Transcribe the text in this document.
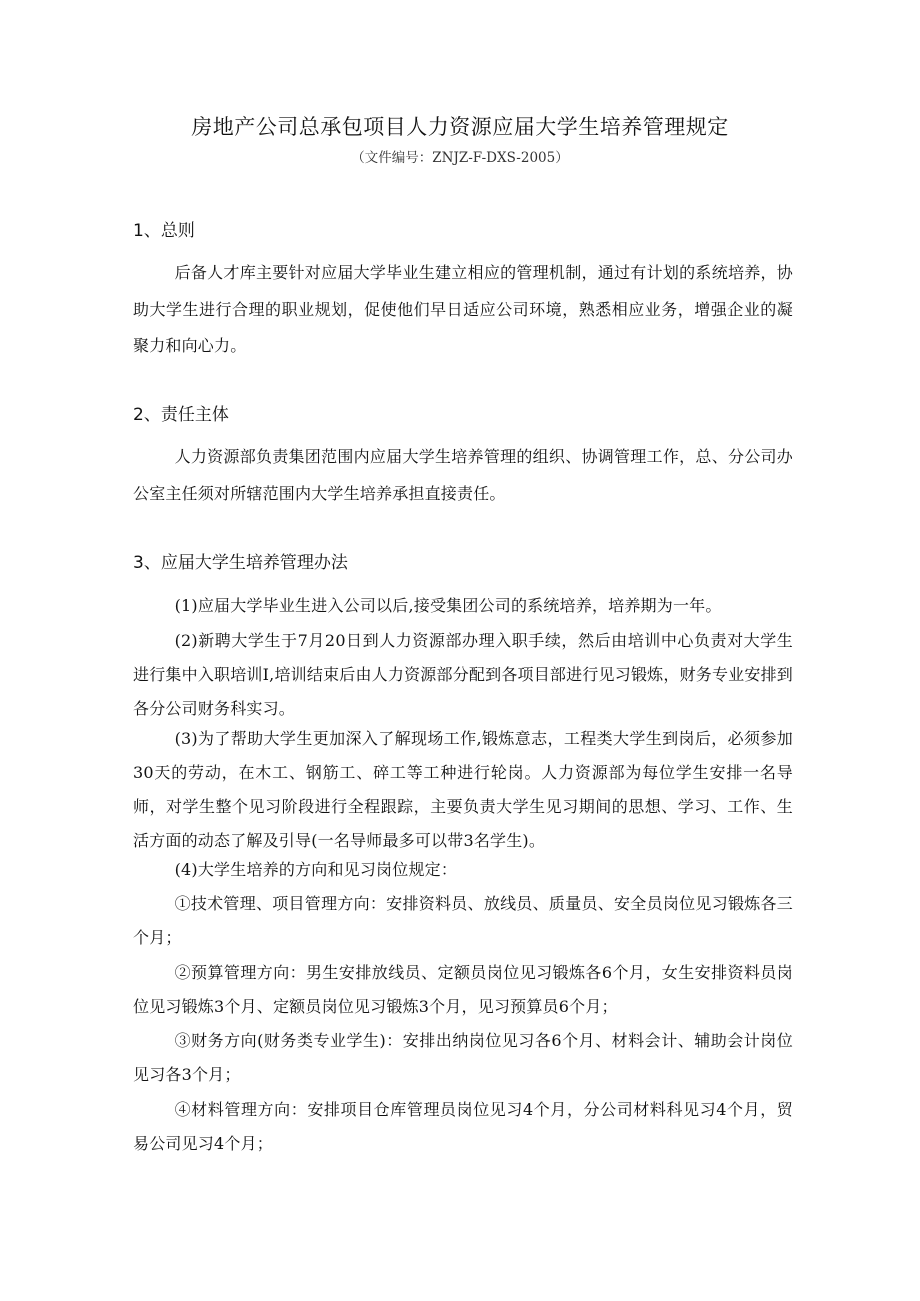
房地产公司总承包项目人力资源应届大学生培养管理规定
（文件编号：ZNJZ-F-DXS-2005）
1、总则
后备人才库主要针对应届大学毕业生建立相应的管理机制，通过有计划的系统培养，协助大学生进行合理的职业规划，促使他们早日适应公司环境，熟悉相应业务，增强企业的凝聚力和向心力。
2、责任主体
人力资源部负责集团范围内应届大学生培养管理的组织、协调管理工作，总、分公司办公室主任须对所辖范围内大学生培养承担直接责任。
3、应届大学生培养管理办法
(1)应届大学毕业生进入公司以后,接受集团公司的系统培养，培养期为一年。
(2)新聘大学生于7月20日到人力资源部办理入职手续，然后由培训中心负责对大学生进行集中入职培训I,培训结束后由人力资源部分配到各项目部进行见习锻炼，财务专业安排到各分公司财务科实习。
(3)为了帮助大学生更加深入了解现场工作,锻炼意志，工程类大学生到岗后，必须参加30天的劳动，在木工、钢筋工、碎工等工种进行轮岗。人力资源部为每位学生安排一名导师，对学生整个见习阶段进行全程跟踪，主要负责大学生见习期间的思想、学习、工作、生活方面的动态了解及引导(一名导师最多可以带3名学生)。
(4)大学生培养的方向和见习岗位规定：
①技术管理、项目管理方向：安排资料员、放线员、质量员、安全员岗位见习锻炼各三个月；
②预算管理方向：男生安排放线员、定额员岗位见习锻炼各6个月，女生安排资料员岗位见习锻炼3个月、定额员岗位见习锻炼3个月，见习预算员6个月；
③财务方向(财务类专业学生)：安排出纳岗位见习各6个月、材料会计、辅助会计岗位见习各3个月；
④材料管理方向：安排项目仓库管理员岗位见习4个月，分公司材料科见习4个月，贸易公司见习4个月；
